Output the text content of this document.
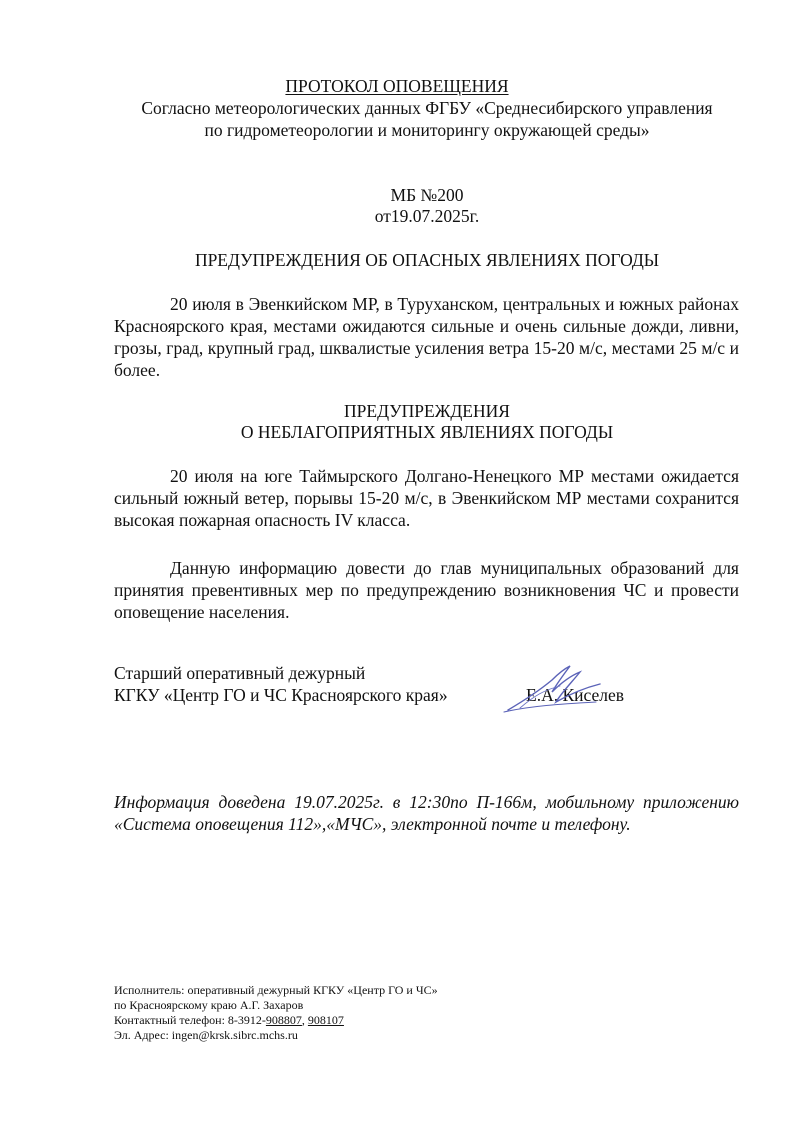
ПРОТОКОЛ ОПОВЕЩЕНИЯ
Согласно метеорологических данных ФГБУ «Среднесибирского управления
по гидрометеорологии и мониторингу окружающей среды»
МБ №200
от19.07.2025г.
ПРЕДУПРЕЖДЕНИЯ ОБ ОПАСНЫХ ЯВЛЕНИЯХ ПОГОДЫ

20 июля в Эвенкийском МР, в Туруханском, центральных и южных районах Красноярского края, местами ожидаются сильные и очень сильные дожди, ливни, грозы, град, крупный град, шквалистые усиления ветра 15-20 м/с, местами 25 м/с и более.

ПРЕДУПРЕЖДЕНИЯ
О НЕБЛАГОПРИЯТНЫХ ЯВЛЕНИЯХ ПОГОДЫ

20 июля на юге Таймырского Долгано-Ненецкого МР местами ожидается сильный южный ветер, порывы 15-20 м/с, в Эвенкийском МР местами сохранится высокая пожарная опасность IV класса.

Данную информацию довести до глав муниципальных образований для принятия превентивных мер по предупреждению возникновения ЧС и провести оповещение населения.

Старший оперативный дежурный
КГКУ «Центр ГО и ЧС Красноярского края»	Е.А. Киселев

Информация доведена 19.07.2025г. в 12:30по П-166м, мобильному приложению «Система оповещения 112»,«МЧС», электронной почте и телефону.

Исполнитель: оперативный дежурный КГКУ «Центр ГО и ЧС»
по Красноярскому краю А.Г. Захаров
Контактный телефон: 8-3912-908807, 908107
Эл. Адрес: ingen@krsk.sibrc.mchs.ru
